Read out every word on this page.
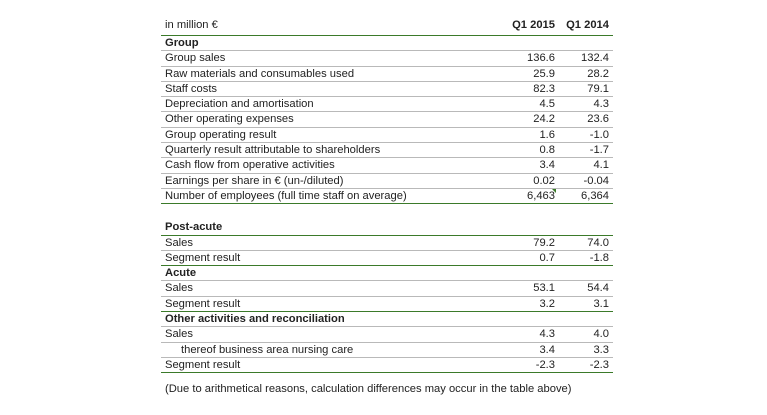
in million €	Q1 2015 Q1 2014
Group
Group sales	136.6	132.4
Raw materials and consumables used	25.9	28.2
Staff costs	82.3	79.1
Depreciation and amortisation	4.5	4.3
Other operating expenses	24.2	23.6
Group operating result	1.6	-1.0
Quarterly result attributable to shareholders	0.8	-1.7
Cash flow from operative activities	3.4	4.1
Earnings per share in € (un-/diluted)	0.02	-0.04
Number of employees (full time staff on average)	6,463	6,364
Post-acute
Sales	79.2	74.0
Segment result	0.7	-1.8
Acute
Sales	53.1	54.4
Segment result	3.2	3.1
Other activities and reconciliation
Sales	4.3	4.0
thereof business area nursing care	3.4	3.3
Segment result	-2.3	-2.3
(Due to arithmetical reasons, calculation differences may occur in the table above)
